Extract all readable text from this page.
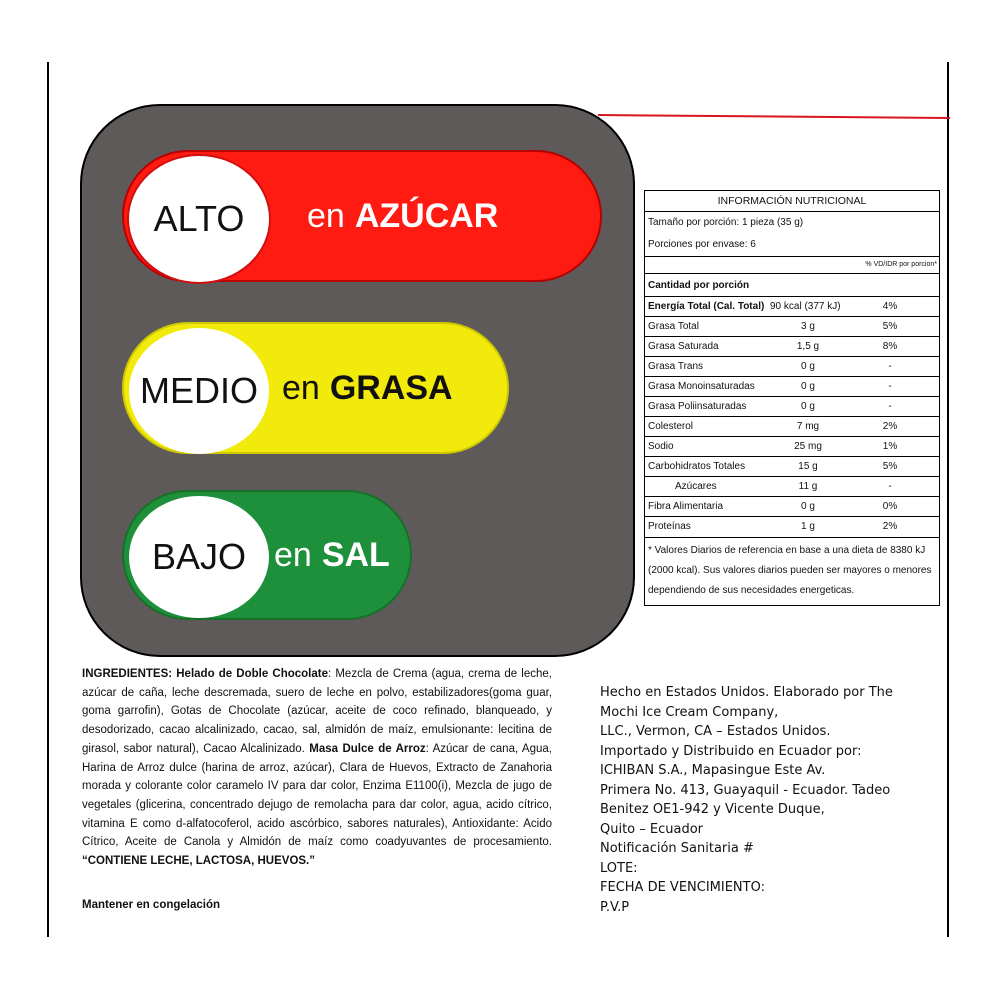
ALTO en AZÚCAR
MEDIO en GRASA
BAJO en SAL
INFORMACIÓN NUTRICIONAL
Tamaño por porción: 1 pieza (35 g)
Porciones por envase: 6
% VD/IDR por porcion*
Cantidad por porción
Energía Total (Cal. Total) 90 kcal (377 kJ)	4%
Grasa Total	3 g	5%
Grasa Saturada	1,5 g	8%
Grasa Trans	0 g	-
Grasa Monoinsaturadas	0 g	-
Grasa Poliinsaturadas	0 g	-
Colesterol	7 mg	2%
Sodio	25 mg	1%
Carbohidratos Totales	15 g	5%
Azúcares	11 g	-
Fibra Alimentaria	0 g	0%
Proteínas	1 g	2%
* Valores Diarios de referencia en base a una dieta de 8380 kJ (2000 kcal). Sus valores diarios pueden ser mayores o menores dependiendo de sus necesidades energeticas.
INGREDIENTES: Helado de Doble Chocolate: Mezcla de Crema (agua, crema de leche, azúcar de caña, leche descremada, suero de leche en polvo, estabilizadores(goma guar, goma garrofin), Gotas de Chocolate (azúcar, aceite de coco refinado, blanqueado, y desodorizado, cacao alcalinizado, cacao, sal, almidón de maíz, emulsionante: lecitina de girasol, sabor natural), Cacao Alcalinizado. Masa Dulce de Arroz: Azúcar de cana, Agua, Harina de Arroz dulce (harina de arroz, azúcar), Clara de Huevos, Extracto de Zanahoria morada y colorante color caramelo IV para dar color, Enzima E1100(i), Mezcla de jugo de vegetales (glicerina, concentrado dejugo de remolacha para dar color, agua, acido cítrico, vitamina E como d-alfatocoferol, acido ascórbico, sabores naturales), Antioxidante: Acido Cítrico, Aceite de Canola y Almidón de maíz como coadyuvantes de procesamiento. “CONTIENE LECHE, LACTOSA, HUEVOS.”
Mantener en congelación
Hecho en Estados Unidos. Elaborado por The
Mochi Ice Cream Company,
LLC., Vermon, CA – Estados Unidos.
Importado y Distribuido en Ecuador por:
ICHIBAN S.A., Mapasingue Este Av.
Primera No. 413, Guayaquil - Ecuador. Tadeo
Benitez OE1-942 y Vicente Duque,
Quito – Ecuador
Notificación Sanitaria #
LOTE:
FECHA DE VENCIMIENTO:
P.V.P
